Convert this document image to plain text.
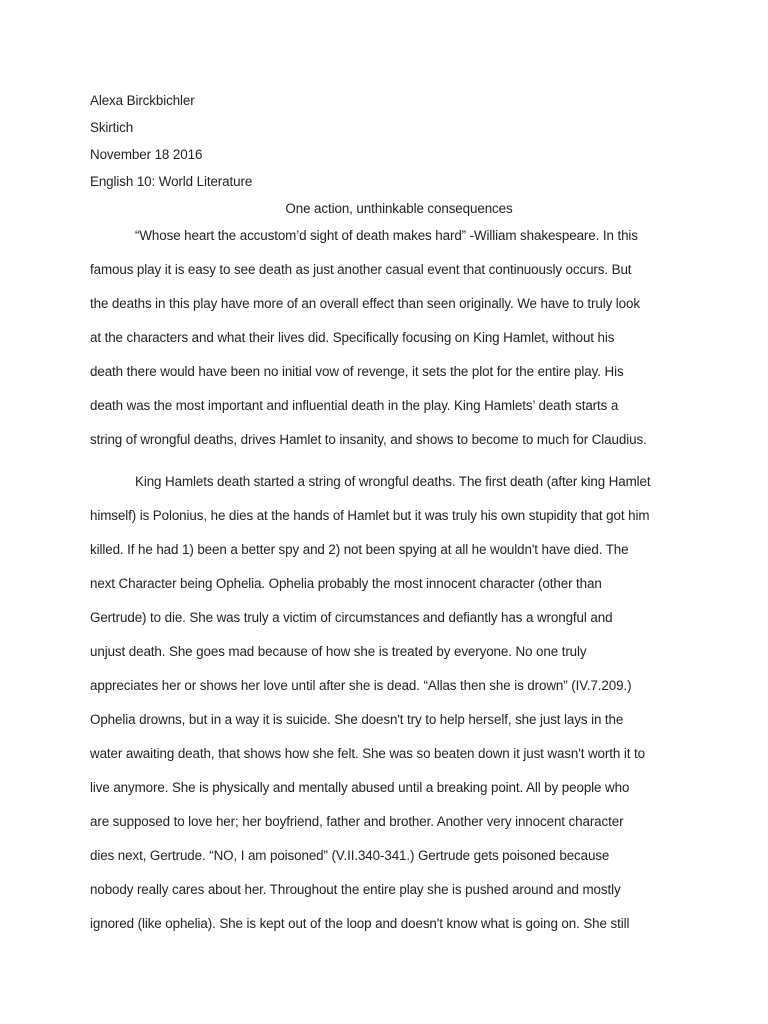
Alexa Birckbichler
Skirtich
November 18 2016
English 10: World Literature
One action, unthinkable consequences
“Whose heart the accustom’d sight of death makes hard” -William shakespeare. In this
famous play it is easy to see death as just another casual event that continuously occurs. But
the deaths in this play have more of an overall effect than seen originally. We have to truly look
at the characters and what their lives did. Specifically focusing on King Hamlet, without his
death there would have been no initial vow of revenge, it sets the plot for the entire play. His
death was the most important and influential death in the play. King Hamlets’ death starts a
string of wrongful deaths, drives Hamlet to insanity, and shows to become to much for Claudius.
King Hamlets death started a string of wrongful deaths. The first death (after king Hamlet
himself) is Polonius, he dies at the hands of Hamlet but it was truly his own stupidity that got him
killed. If he had 1) been a better spy and 2) not been spying at all he wouldn't have died. The
next Character being Ophelia. Ophelia probably the most innocent character (other than
Gertrude) to die. She was truly a victim of circumstances and defiantly has a wrongful and
unjust death. She goes mad because of how she is treated by everyone. No one truly
appreciates her or shows her love until after she is dead. “Allas then she is drown” (IV.7.209.)
Ophelia drowns, but in a way it is suicide. She doesn't try to help herself, she just lays in the
water awaiting death, that shows how she felt. She was so beaten down it just wasn't worth it to
live anymore. She is physically and mentally abused until a breaking point. All by people who
are supposed to love her; her boyfriend, father and brother. Another very innocent character
dies next, Gertrude. “NO, I am poisoned” (V.II.340-341.) Gertrude gets poisoned because
nobody really cares about her. Throughout the entire play she is pushed around and mostly
ignored (like ophelia). She is kept out of the loop and doesn't know what is going on. She still
